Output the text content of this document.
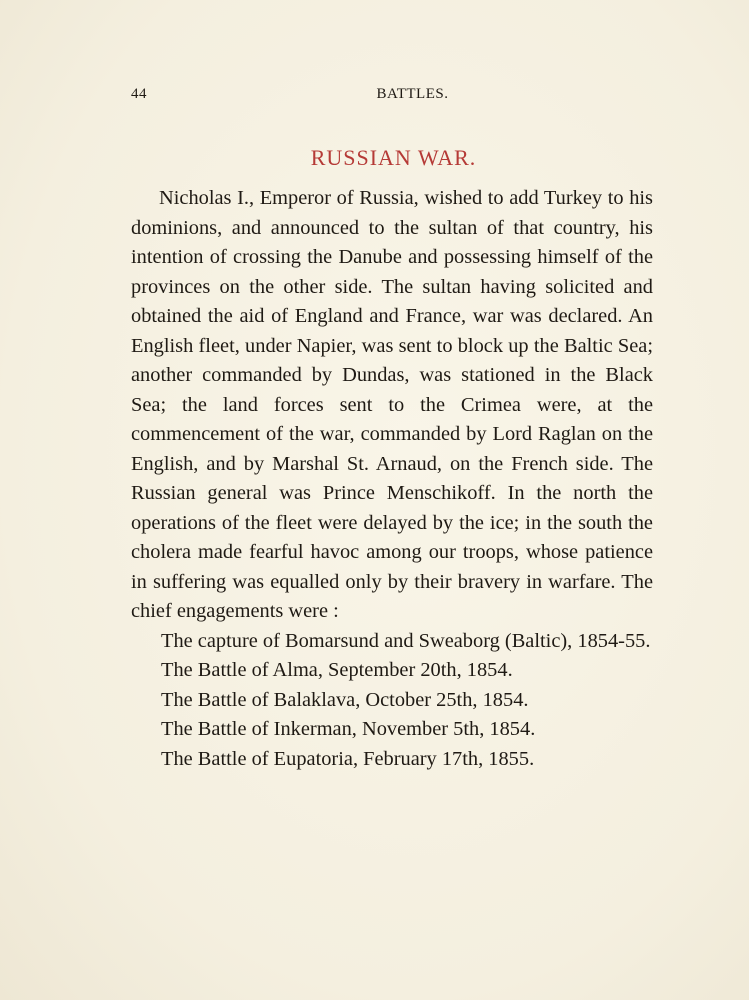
44	BATTLES.
RUSSIAN WAR.

Nicholas I., Emperor of Russia, wished to add Turkey to his dominions, and announced to the sultan of that country, his intention of crossing the Danube and possessing himself of the provinces on the other side. The sultan having solicited and obtained the aid of England and France, war was declared. An English fleet, under Napier, was sent to block up the Baltic Sea; another commanded by Dundas, was stationed in the Black Sea; the land forces sent to the Crimea were, at the commencement of the war, commanded by Lord Raglan on the English, and by Marshal St. Arnaud, on the French side. The Russian general was Prince Menschikoff. In the north the operations of the fleet were delayed by the ice; in the south the cholera made fearful havoc among our troops, whose patience in suffering was equalled only by their bravery in warfare. The chief engagements were :

The capture of Bomarsund and Sweaborg (Baltic), 1854-55.
The Battle of Alma, September 20th, 1854.
The Battle of Balaklava, October 25th, 1854.
The Battle of Inkerman, November 5th, 1854.
The Battle of Eupatoria, February 17th, 1855.
